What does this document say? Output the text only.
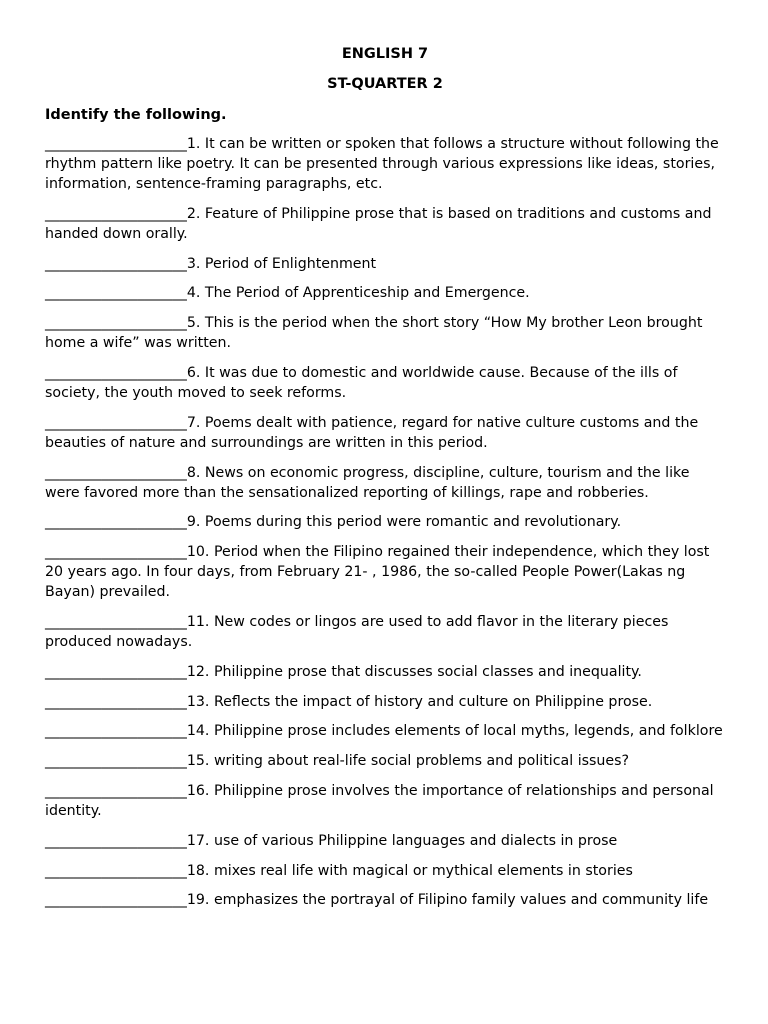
ENGLISH 7

ST-QUARTER 2

Identify the following.

____________________1. It can be written or spoken that follows a structure without following the rhythm pattern like poetry. It can be presented through various expressions like ideas, stories, information, sentence-framing paragraphs, etc.

____________________2. Feature of Philippine prose that is based on traditions and customs and handed down orally.

____________________3. Period of Enlightenment

____________________4. The Period of Apprenticeship and Emergence.

____________________5. This is the period when the short story “How My brother Leon brought home a wife” was written.

____________________6. It was due to domestic and worldwide cause. Because of the ills of society, the youth moved to seek reforms.

____________________7. Poems dealt with patience, regard for native culture customs and the beauties of nature and surroundings are written in this period.

____________________8. News on economic progress, discipline, culture, tourism and the like were favored more than the sensationalized reporting of killings, rape and robberies.

____________________9. Poems during this period were romantic and revolutionary.

____________________10. Period when the Filipino regained their independence, which they lost 20 years ago. In four days, from February 21- , 1986, the so-called People Power(Lakas ng Bayan) prevailed.

____________________11. New codes or lingos are used to add flavor in the literary pieces produced nowadays.

____________________12. Philippine prose that discusses social classes and inequality.

____________________13. Reflects the impact of history and culture on Philippine prose.

____________________14. Philippine prose includes elements of local myths, legends, and folklore

____________________15. writing about real-life social problems and political issues?

____________________16. Philippine prose involves the importance of relationships and personal identity.

____________________17. use of various Philippine languages and dialects in prose

____________________18. mixes real life with magical or mythical elements in stories

____________________19. emphasizes the portrayal of Filipino family values and community life
